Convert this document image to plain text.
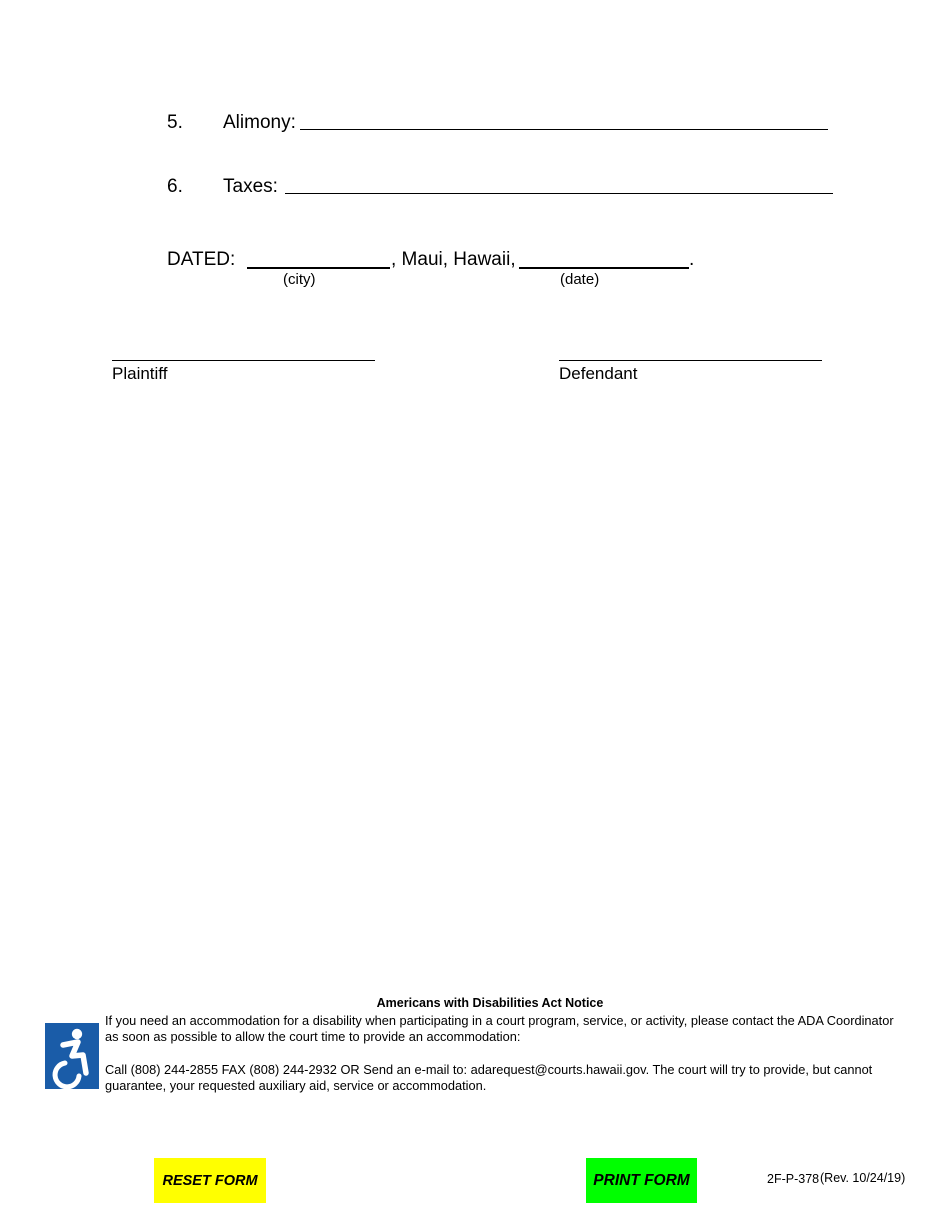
5. Alimony:
6. Taxes:
DATED:	, Maui, Hawaii,	.
(city)	(date)
Plaintiff	Defendant
Americans with Disabilities Act Notice
If you need an accommodation for a disability when participating in a court program, service, or activity, please contact the ADA Coordinator
as soon as possible to allow the court time to provide an accommodation:
Call (808) 244-2855 FAX (808) 244-2932 OR Send an e-mail to: adarequest@courts.hawaii.gov. The court will try to provide, but cannot
guarantee, your requested auxiliary aid, service or accommodation.
RESET FORM	PRINT FORM	2F-P-378 (Rev. 10/24/19)
